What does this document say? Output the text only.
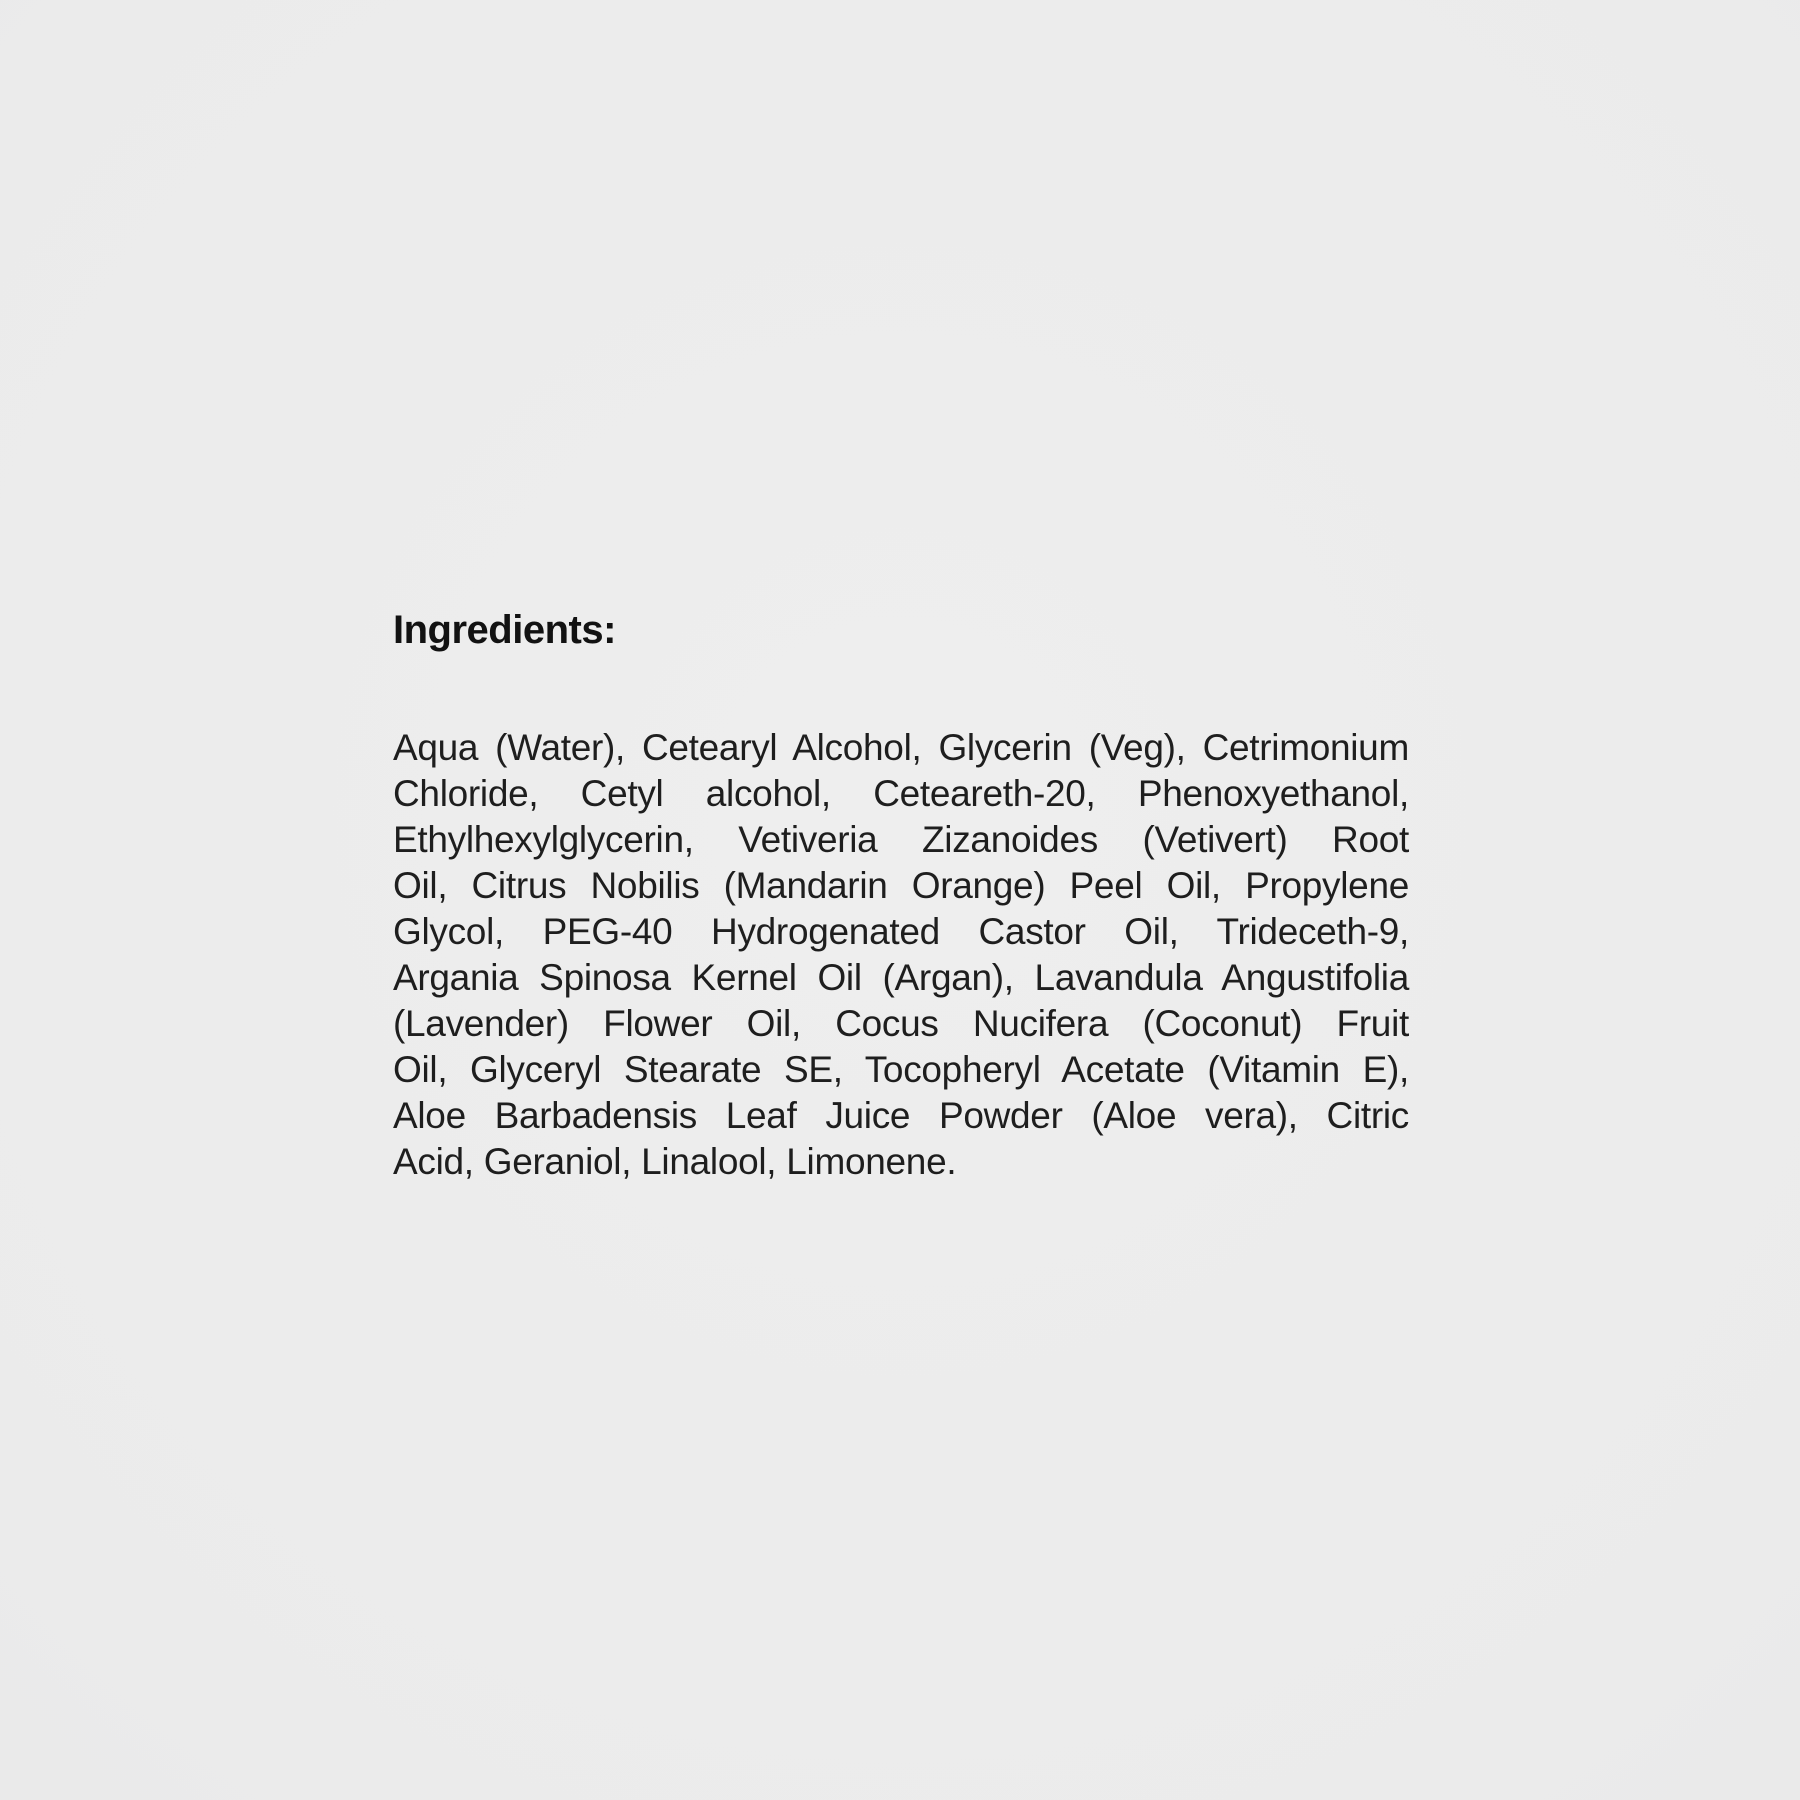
Ingredients:
Aqua (Water), Cetearyl Alcohol, Glycerin (Veg), Cetrimonium
Chloride, Cetyl alcohol, Ceteareth-20, Phenoxyethanol,
Ethylhexylglycerin, Vetiveria Zizanoides (Vetivert) Root
Oil, Citrus Nobilis (Mandarin Orange) Peel Oil, Propylene
Glycol, PEG-40 Hydrogenated Castor Oil, Trideceth-9,
Argania Spinosa Kernel Oil (Argan), Lavandula Angustifolia
(Lavender) Flower Oil, Cocus Nucifera (Coconut) Fruit
Oil, Glyceryl Stearate SE, Tocopheryl Acetate (Vitamin E),
Aloe Barbadensis Leaf Juice Powder (Aloe vera), Citric
Acid, Geraniol, Linalool, Limonene.
